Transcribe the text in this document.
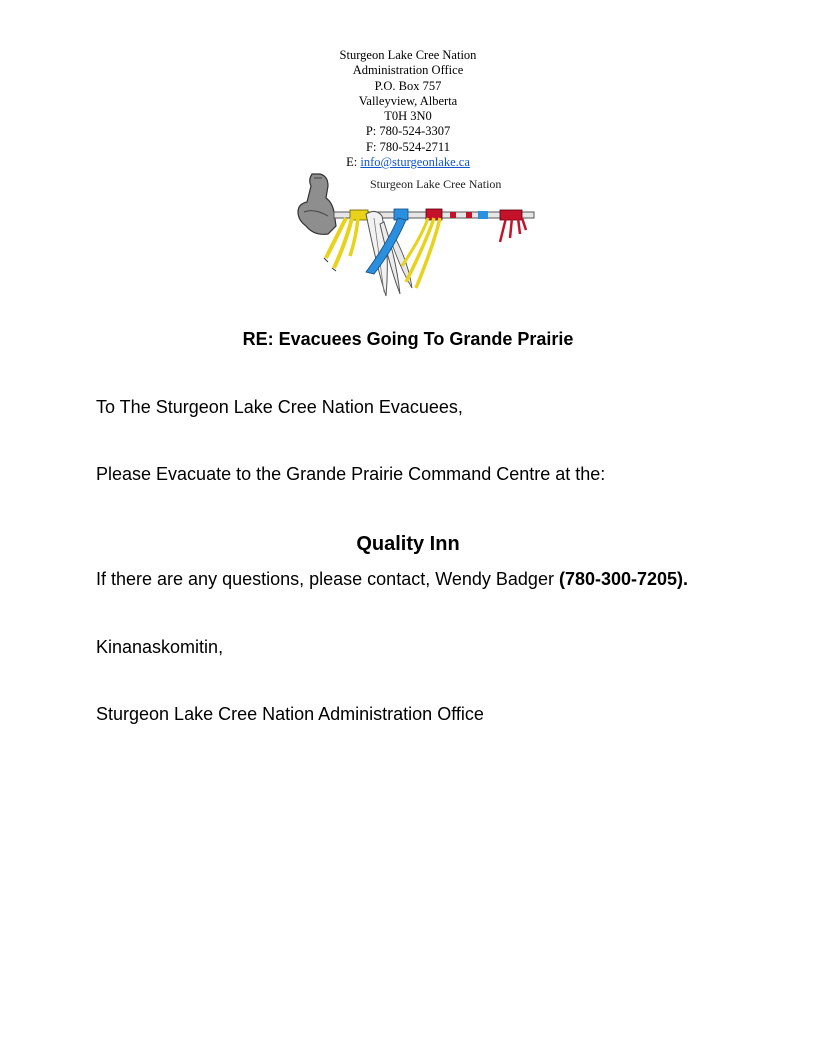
Sturgeon Lake Cree Nation
Administration Office
P.O. Box 757
Valleyview, Alberta
T0H 3N0
P: 780-524-3307
F: 780-524-2711
E: info@sturgeonlake.ca
Sturgeon Lake Cree Nation
RE: Evacuees Going To Grande Prairie
To The Sturgeon Lake Cree Nation Evacuees,
Please Evacuate to the Grande Prairie Command Centre at the:
Quality Inn
If there are any questions, please contact, Wendy Badger (780-300-7205).
Kinanaskomitin,
Sturgeon Lake Cree Nation Administration Office
